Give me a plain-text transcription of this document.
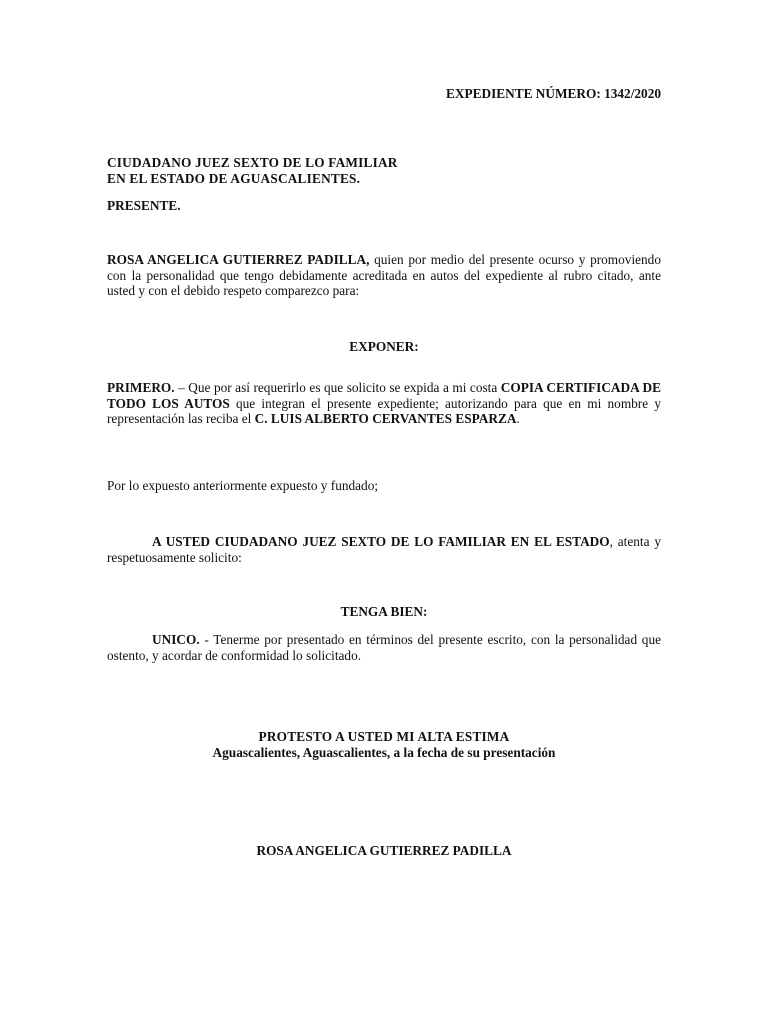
EXPEDIENTE NÚMERO: 1342/2020
CIUDADANO JUEZ SEXTO DE LO FAMILIAR
EN EL ESTADO DE AGUASCALIENTES.
PRESENTE.
ROSA ANGELICA GUTIERREZ PADILLA, quien por medio del presente ocurso y promoviendo con la personalidad que tengo debidamente acreditada en autos del expediente al rubro citado, ante usted y con el debido respeto comparezco para:
EXPONER:
PRIMERO. – Que por así requerirlo es que solicito se expida a mi costa COPIA CERTIFICADA DE TODO LOS AUTOS que integran el presente expediente; autorizando para que en mi nombre y representación las reciba el C. LUIS ALBERTO CERVANTES ESPARZA.
Por lo expuesto anteriormente expuesto y fundado;
A USTED CIUDADANO JUEZ SEXTO DE LO FAMILIAR EN EL ESTADO, atenta y respetuosamente solicito:
TENGA BIEN:
UNICO. - Tenerme por presentado en términos del presente escrito, con la personalidad que ostento, y acordar de conformidad lo solicitado.
PROTESTO A USTED MI ALTA ESTIMA
Aguascalientes, Aguascalientes, a la fecha de su presentación
ROSA ANGELICA GUTIERREZ PADILLA
